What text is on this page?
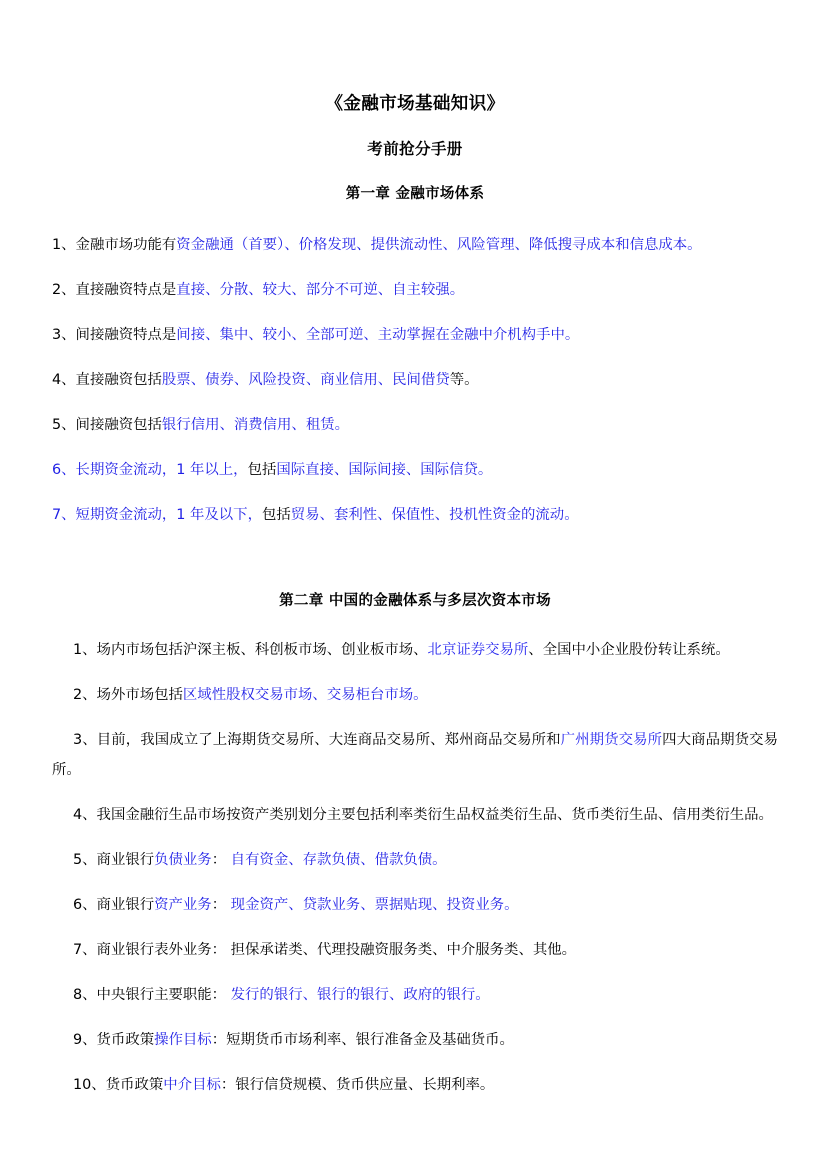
《金融市场基础知识》
考前抢分手册
第一章 金融市场体系

1、金融市场功能有资金融通（首要）、价格发现、提供流动性、风险管理、降低搜寻成本和信息成本。

2、直接融资特点是直接、分散、较大、部分不可逆、自主较强。

3、间接融资特点是间接、集中、较小、全部可逆、主动掌握在金融中介机构手中。

4、直接融资包括股票、债券、风险投资、商业信用、民间借贷等。

5、间接融资包括银行信用、消费信用、租赁。

6、长期资金流动，1 年以上，包括国际直接、国际间接、国际信贷。

7、短期资金流动，1 年及以下，包括贸易、套利性、保值性、投机性资金的流动。

第二章 中国的金融体系与多层次资本市场

1、场内市场包括沪深主板、科创板市场、创业板市场、北京证券交易所、全国中小企业股份转让系统。

2、场外市场包括区域性股权交易市场、交易柜台市场。

3、目前，我国成立了上海期货交易所、大连商品交易所、郑州商品交易所和广州期货交易所四大商品期货交易所。

4、我国金融衍生品市场按资产类别划分主要包括利率类衍生品权益类衍生品、货币类衍生品、信用类衍生品。

5、商业银行负债业务： 自有资金、存款负债、借款负债。

6、商业银行资产业务： 现金资产、贷款业务、票据贴现、投资业务。

7、商业银行表外业务： 担保承诺类、代理投融资服务类、中介服务类、其他。

8、中央银行主要职能： 发行的银行、银行的银行、政府的银行。

9、货币政策操作目标：短期货币市场利率、银行准备金及基础货币。

10、货币政策中介目标：银行信贷规模、货币供应量、长期利率。
